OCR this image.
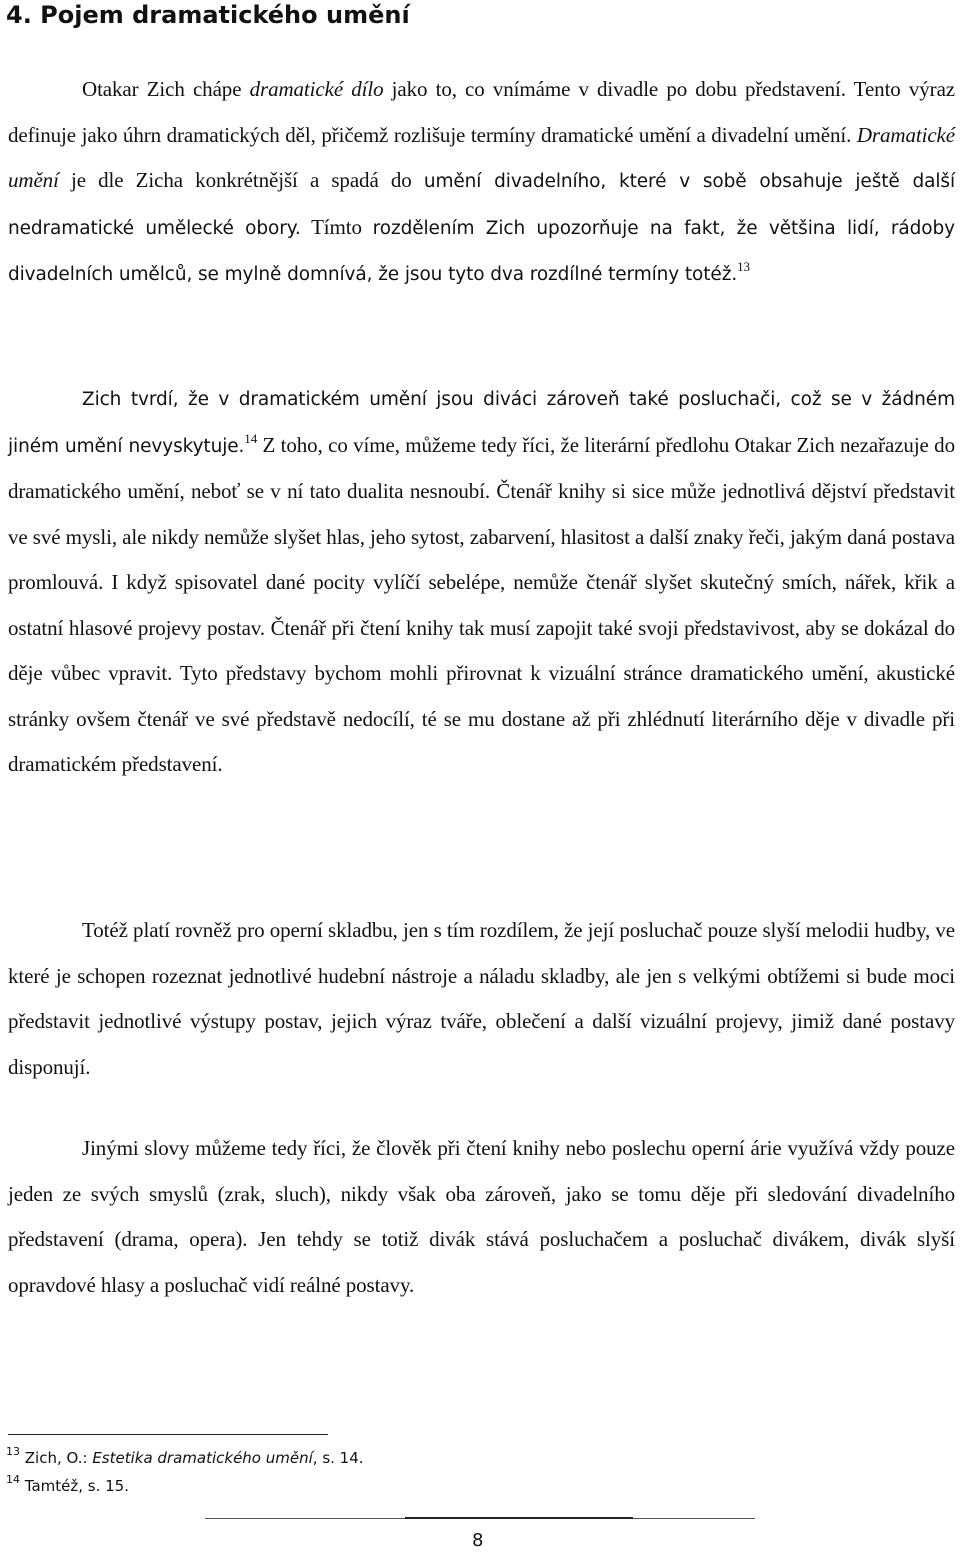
4. Pojem dramatického umění

Otakar Zich chápe dramatické dílo jako to, co vnímáme v divadle po dobu představení. Tento výraz definuje jako úhrn dramatických děl, přičemž rozlišuje termíny dramatické umění a divadelní umění. Dramatické umění je dle Zicha konkrétnější a spadá do umění divadelního, které v sobě obsahuje ještě další nedramatické umělecké obory. Tímto rozdělením Zich upozorňuje na fakt, že většina lidí, rádoby divadelních umělců, se mylně domnívá, že jsou tyto dva rozdílné termíny totéž.$^{13}$

Zich tvrdí, že v dramatickém umění jsou diváci zároveň také posluchači, což se v žádném jiném umění nevyskytuje.$^{14}$ Z toho, co víme, můžeme tedy říci, že literární předlohu Otakar Zich nezařazuje do dramatického umění, neboť se v ní tato dualita nesnoubí. Čtenář knihy si sice může jednotlivá dějství představit ve své mysli, ale nikdy nemůže slyšet hlas, jeho sytost, zabarvení, hlasitost a další znaky řeči, jakým daná postava promlouvá. I když spisovatel dané pocity vylíčí sebelépe, nemůže čtenář slyšet skutečný smích, nářek, křik a ostatní hlasové projevy postav. Čtenář při čtení knihy tak musí zapojit také svoji představivost, aby se dokázal do děje vůbec vpravit. Tyto představy bychom mohli přirovnat k vizuální stránce dramatického umění, akustické stránky ovšem čtenář ve své představě nedocílí, té se mu dostane až při zhlédnutí literárního děje v divadle při dramatickém představení.

Totéž platí rovněž pro operní skladbu, jen s tím rozdílem, že její posluchač pouze slyší melodii hudby, ve které je schopen rozeznat jednotlivé hudební nástroje a náladu skladby, ale jen s velkými obtížemi si bude moci představit jednotlivé výstupy postav, jejich výraz tváře, oblečení a další vizuální projevy, jimiž dané postavy disponují.

Jinými slovy můžeme tedy říci, že člověk při čtení knihy nebo poslechu operní árie využívá vždy pouze jeden ze svých smyslů (zrak, sluch), nikdy však oba zároveň, jako se tomu děje při sledování divadelního představení (drama, opera). Jen tehdy se totiž divák stává posluchačem a posluchač divákem, divák slyší opravdové hlasy a posluchač vidí reálné postavy.

$^{13}$ Zich, O.: Estetika dramatického umění, s. 14.
$^{14}$ Tamtéž, s. 15.
8
